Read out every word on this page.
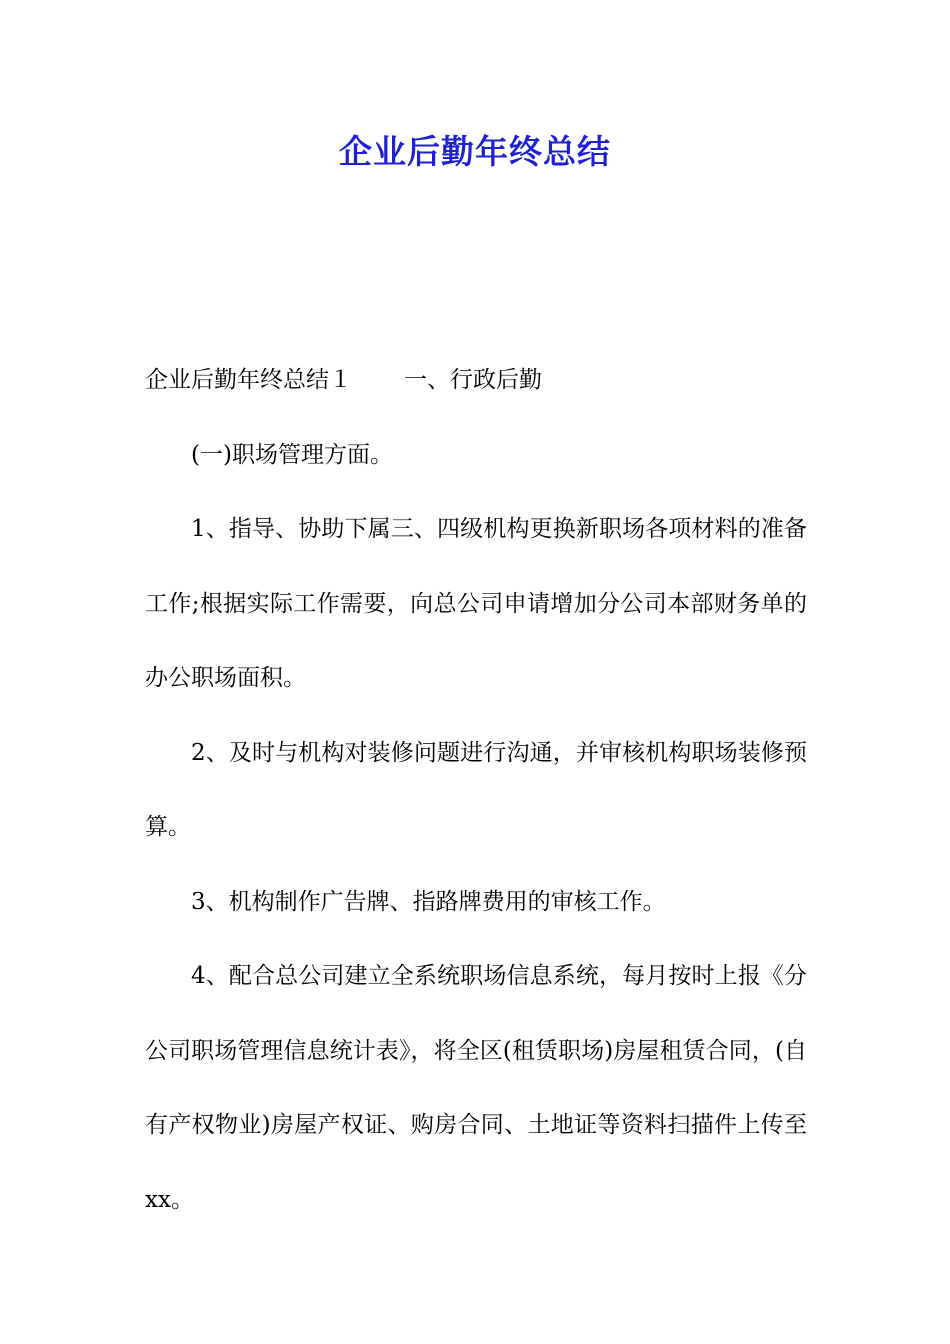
企业后勤年终总结

企业后勤年终总结１ 一、行政后勤

(一)职场管理方面。

1、指导、协助下属三、四级机构更换新职场各项材料的准备工作;根据实际工作需要，向总公司申请增加分公司本部财务单的办公职场面积。

2、及时与机构对装修问题进行沟通，并审核机构职场装修预算。

3、机构制作广告牌、指路牌费用的审核工作。

4、配合总公司建立全系统职场信息系统，每月按时上报《分公司职场管理信息统计表》，将全区(租赁职场)房屋租赁合同，(自有产权物业)房屋产权证、购房合同、土地证等资料扫描件上传至xx。
